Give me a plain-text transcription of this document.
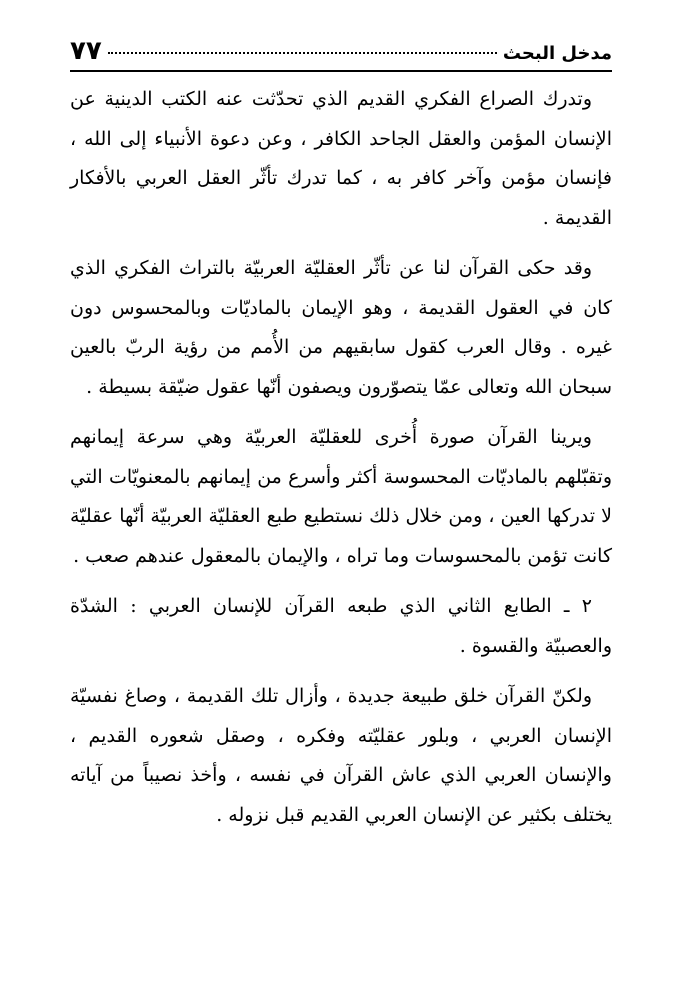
مدخل البحث
٧٧

وتدرك الصراع الفكري القديم الذي تحدّثت عنه الكتب الدينية عن الإنسان المؤمن والعقل الجاحد الكافر ، وعن دعوة الأنبياء إلى الله ، فإنسان مؤمن وآخر كافر به ، كما تدرك تأثّر العقل العربي بالأفكار القديمة .

وقد حكى القرآن لنا عن تأثّر العقليّة العربيّة بالتراث الفكري الذي كان في العقول القديمة ، وهو الإيمان بالماديّات وبالمحسوس دون غيره . وقال العرب كقول سابقيهم من الأُمم من رؤية الربّ بالعين سبحان الله وتعالى عمّا يتصوّرون ويصفون أنّها عقول ضيّقة بسيطة .

ويرينا القرآن صورة أُخرى للعقليّة العربيّة وهي سرعة إيمانهم وتقبّلهم بالماديّات المحسوسة أكثر وأسرع من إيمانهم بالمعنويّات التي لا تدركها العين ، ومن خلال ذلك نستطيع طبع العقليّة العربيّة أنّها عقليّة كانت تؤمن بالمحسوسات وما تراه ، والإيمان بالمعقول عندهم صعب .

٢ ـ الطابع الثاني الذي طبعه القرآن للإنسان العربي : الشدّة والعصبيّة والقسوة .

ولكنّ القرآن خلق طبيعة جديدة ، وأزال تلك القديمة ، وصاغ نفسيّة الإنسان العربي ، وبلور عقليّته وفكره ، وصقل شعوره القديم ، والإنسان العربي الذي عاش القرآن في نفسه ، وأخذ نصيباً من آياته يختلف بكثير عن الإنسان العربي القديم قبل نزوله .
